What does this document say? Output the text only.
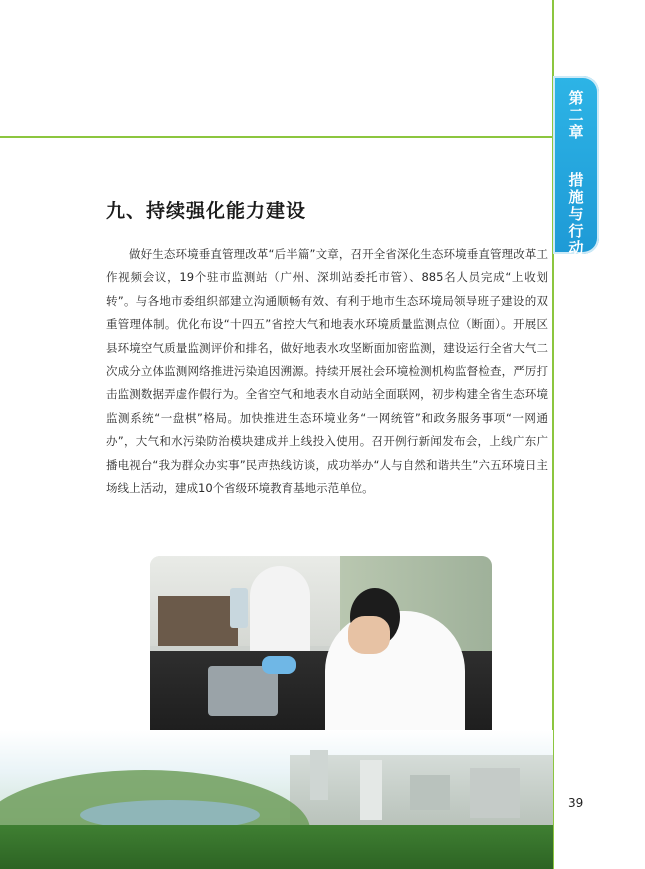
第
二
章
措
施
与
行
动
九、持续强化能力建设

做好生态环境垂直管理改革“后半篇”文章，召开全省深化生态环境垂直管理改革工作视频会议，19个驻市监测站（广州、深圳站委托市管）、885名人员完成“上收划转”。与各地市委组织部建立沟通顺畅有效、有利于地市生态环境局领导班子建设的双重管理体制。优化布设“十四五”省控大气和地表水环境质量监测点位（断面）。开展区县环境空气质量监测评价和排名，做好地表水攻坚断面加密监测，建设运行全省大气二次成分立体监测网络推进污染追因溯源。持续开展社会环境检测机构监督检查，严厉打击监测数据弄虚作假行为。全省空气和地表水自动站全面联网，初步构建全省生态环境监测系统“一盘棋”格局。加快推进生态环境业务“一网统管”和政务服务事项“一网通办”，大气和水污染防治模块建成并上线投入使用。召开例行新闻发布会，上线广东广播电视台“我为群众办实事”民声热线访谈，成功举办“人与自然和谐共生”六五环境日主场线上活动，建成10个省级环境教育基地示范单位。

39
